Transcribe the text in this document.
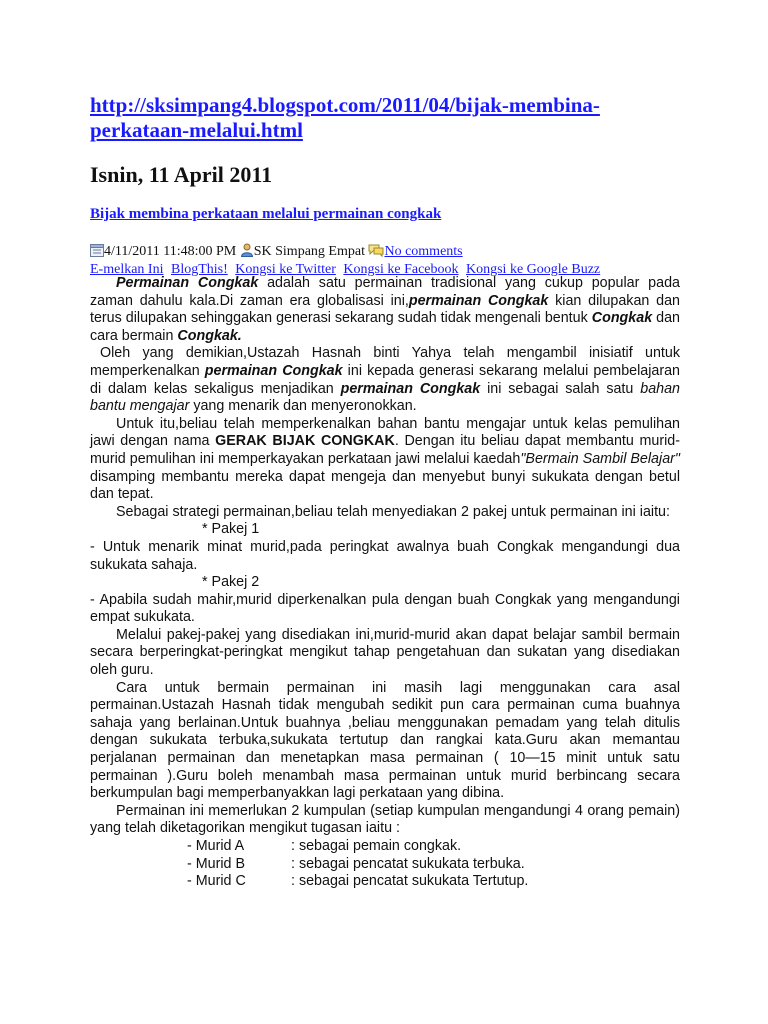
http://sksimpang4.blogspot.com/2011/04/bijak-membina-
perkataan-melalui.html
Isnin, 11 April 2011
Bijak membina perkataan melalui permainan congkak
4/11/2011 11:48:00 PM SK Simpang Empat No comments
E-melkan Ini BlogThis! Kongsi ke Twitter Kongsi ke Facebook Kongsi ke Google Buzz

Permainan Congkak adalah satu permainan tradisional yang cukup popular pada zaman dahulu kala.Di zaman era globalisasi ini,permainan Congkak kian dilupakan dan terus dilupakan sehinggakan generasi sekarang sudah tidak mengenali bentuk Congkak dan cara bermain Congkak.

Oleh yang demikian,Ustazah Hasnah binti Yahya telah mengambil inisiatif untuk memperkenalkan permainan Congkak ini kepada generasi sekarang melalui pembelajaran di dalam kelas sekaligus menjadikan permainan Congkak ini sebagai salah satu bahan bantu mengajar yang menarik dan menyeronokkan.

Untuk itu,beliau telah memperkenalkan bahan bantu mengajar untuk kelas pemulihan jawi dengan nama GERAK BIJAK CONGKAK. Dengan itu beliau dapat membantu murid-murid pemulihan ini memperkayakan perkataan jawi melalui kaedah"Bermain Sambil Belajar" disamping membantu mereka dapat mengeja dan menyebut bunyi sukukata dengan betul dan tepat.

Sebagai strategi permainan,beliau telah menyediakan 2 pakej untuk permainan ini iaitu:

* Pakej 1

- Untuk menarik minat murid,pada peringkat awalnya buah Congkak mengandungi dua sukukata sahaja.

* Pakej 2

- Apabila sudah mahir,murid diperkenalkan pula dengan buah Congkak yang mengandungi empat sukukata.

Melalui pakej-pakej yang disediakan ini,murid-murid akan dapat belajar sambil bermain secara berperingkat-peringkat mengikut tahap pengetahuan dan sukatan yang disediakan oleh guru.

Cara untuk bermain permainan ini masih lagi menggunakan cara asal permainan.Ustazah Hasnah tidak mengubah sedikit pun cara permainan cuma buahnya sahaja yang berlainan.Untuk buahnya ,beliau menggunakan pemadam yang telah ditulis dengan sukukata terbuka,sukukata tertutup dan rangkai kata.Guru akan memantau perjalanan permainan dan menetapkan masa permainan ( 10—15 minit untuk satu permainan ).Guru boleh menambah masa permainan untuk murid berbincang secara berkumpulan bagi memperbanyakkan lagi perkataan yang dibina.

Permainan ini memerlukan 2 kumpulan (setiap kumpulan mengandungi 4 orang pemain) yang telah diketagorikan mengikut tugasan iaitu :

- Murid A	: sebagai pemain congkak.
- Murid B	: sebagai pencatat sukukata terbuka.
- Murid C	: sebagai pencatat sukukata Tertutup.
